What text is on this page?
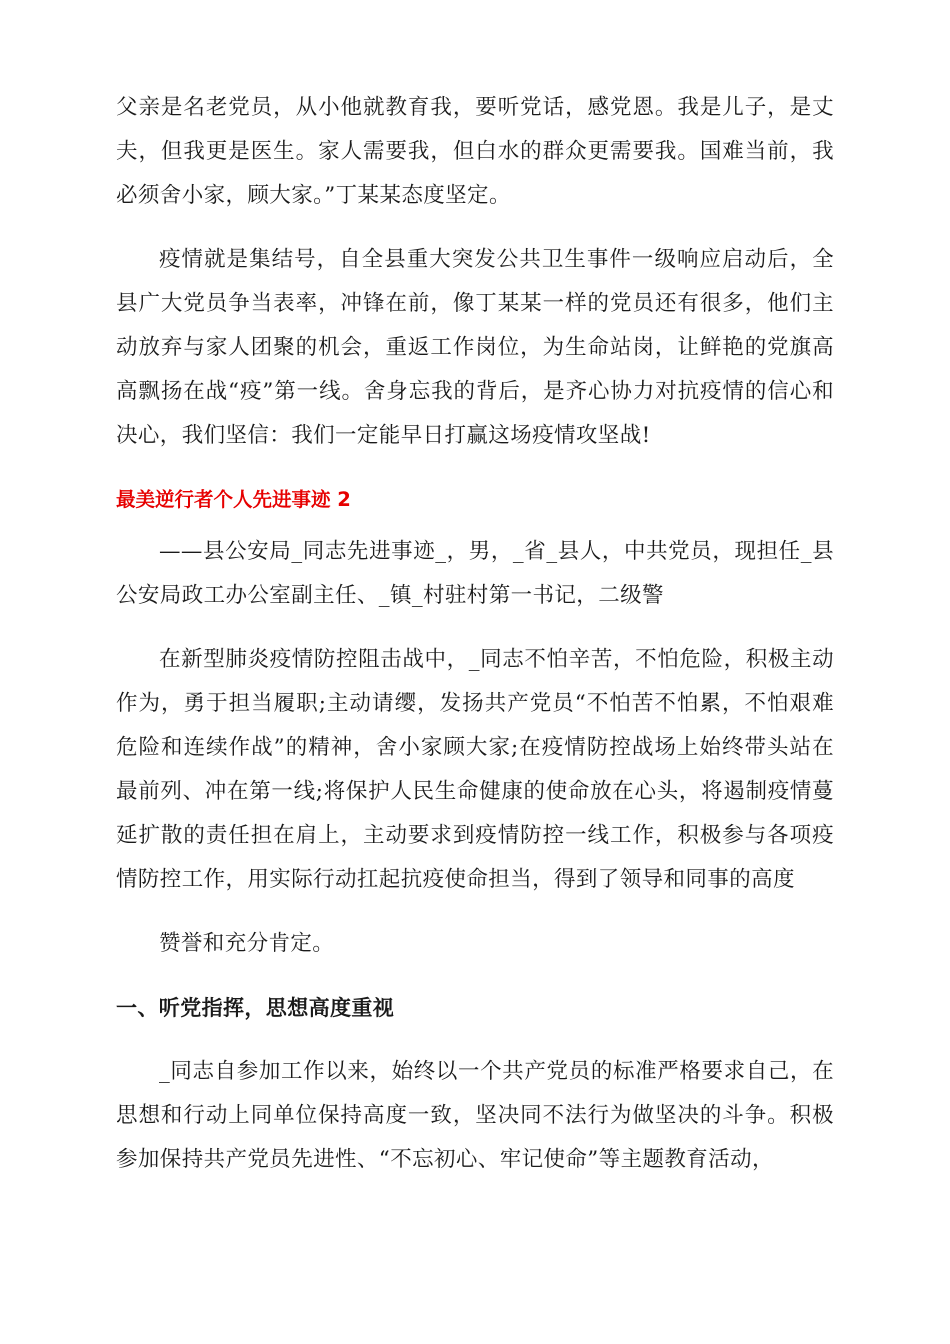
父亲是名老党员，从小他就教育我，要听党话，感党恩。我是儿子，是丈夫，但我更是医生。家人需要我，但白水的群众更需要我。国难当前，我必须舍小家，顾大家。”丁某某态度坚定。

疫情就是集结号，自全县重大突发公共卫生事件一级响应启动后，全县广大党员争当表率，冲锋在前，像丁某某一样的党员还有很多，他们主动放弃与家人团聚的机会，重返工作岗位，为生命站岗，让鲜艳的党旗高高飘扬在战“疫”第一线。舍身忘我的背后，是齐心协力对抗疫情的信心和决心，我们坚信：我们一定能早日打赢这场疫情攻坚战!

最美逆行者个人先进事迹 2

——县公安局_同志先进事迹_，男，_省_县人，中共党员，现担任_县公安局政工办公室副主任、_镇_村驻村第一书记，二级警

在新型肺炎疫情防控阻击战中，_同志不怕辛苦，不怕危险，积极主动作为，勇于担当履职;主动请缨，发扬共产党员“不怕苦不怕累，不怕艰难危险和连续作战”的精神，舍小家顾大家;在疫情防控战场上始终带头站在最前列、冲在第一线;将保护人民生命健康的使命放在心头，将遏制疫情蔓延扩散的责任担在肩上，主动要求到疫情防控一线工作，积极参与各项疫情防控工作，用实际行动扛起抗疫使命担当，得到了领导和同事的高度

赞誉和充分肯定。

一、听党指挥，思想高度重视

_同志自参加工作以来，始终以一个共产党员的标准严格要求自己，在思想和行动上同单位保持高度一致，坚决同不法行为做坚决的斗争。积极参加保持共产党员先进性、“不忘初心、牢记使命”等主题教育活动，
